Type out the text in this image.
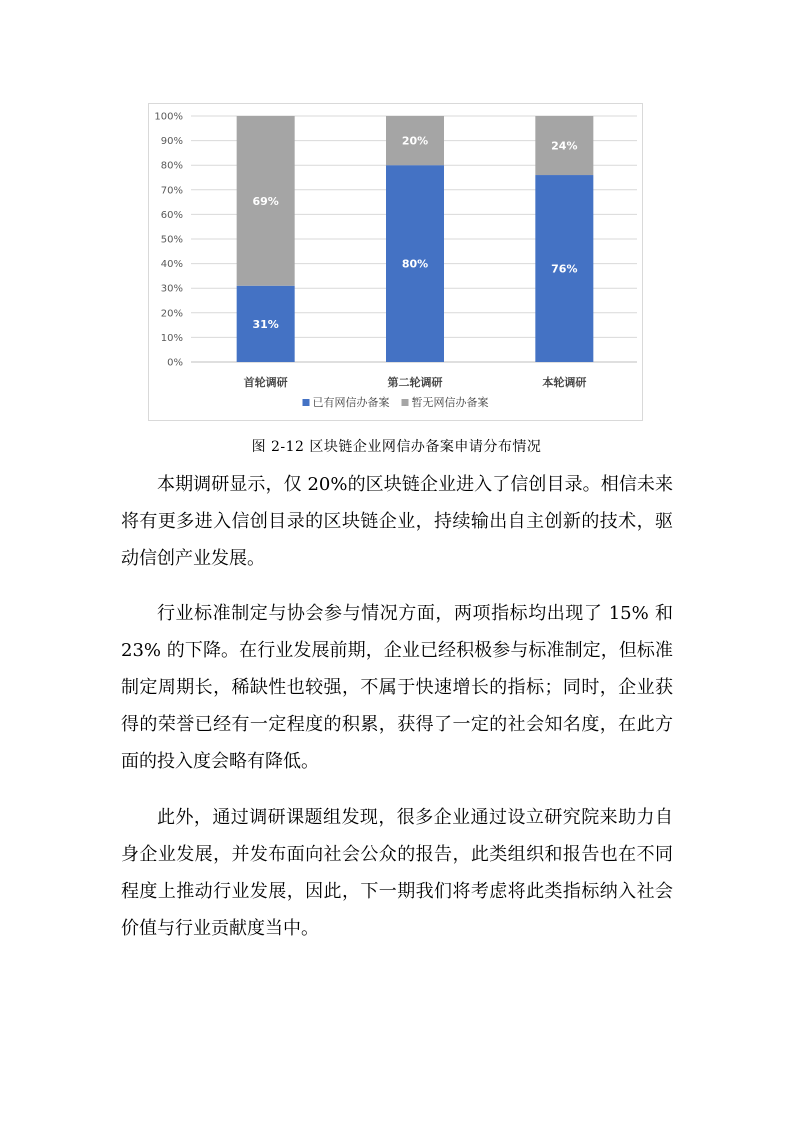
0%
10%
20%
30%
40%
50%
60%
70%
80%
90%
100%
31%
69%
首轮调研
80%
20%
第二轮调研
76%
24%
本轮调研
已有网信办备案 暂无网信办备案
图 2-12 区块链企业网信办备案申请分布情况

本期调研显示，仅 20%的区块链企业进入了信创目录。相信未来将有更多进入信创目录的区块链企业，持续输出自主创新的技术，驱动信创产业发展。

行业标准制定与协会参与情况方面，两项指标均出现了 15% 和 23% 的下降。在行业发展前期，企业已经积极参与标准制定，但标准制定周期长，稀缺性也较强，不属于快速增长的指标；同时，企业获得的荣誉已经有一定程度的积累，获得了一定的社会知名度，在此方面的投入度会略有降低。

此外，通过调研课题组发现，很多企业通过设立研究院来助力自身企业发展，并发布面向社会公众的报告，此类组织和报告也在不同程度上推动行业发展，因此，下一期我们将考虑将此类指标纳入社会价值与行业贡献度当中。
